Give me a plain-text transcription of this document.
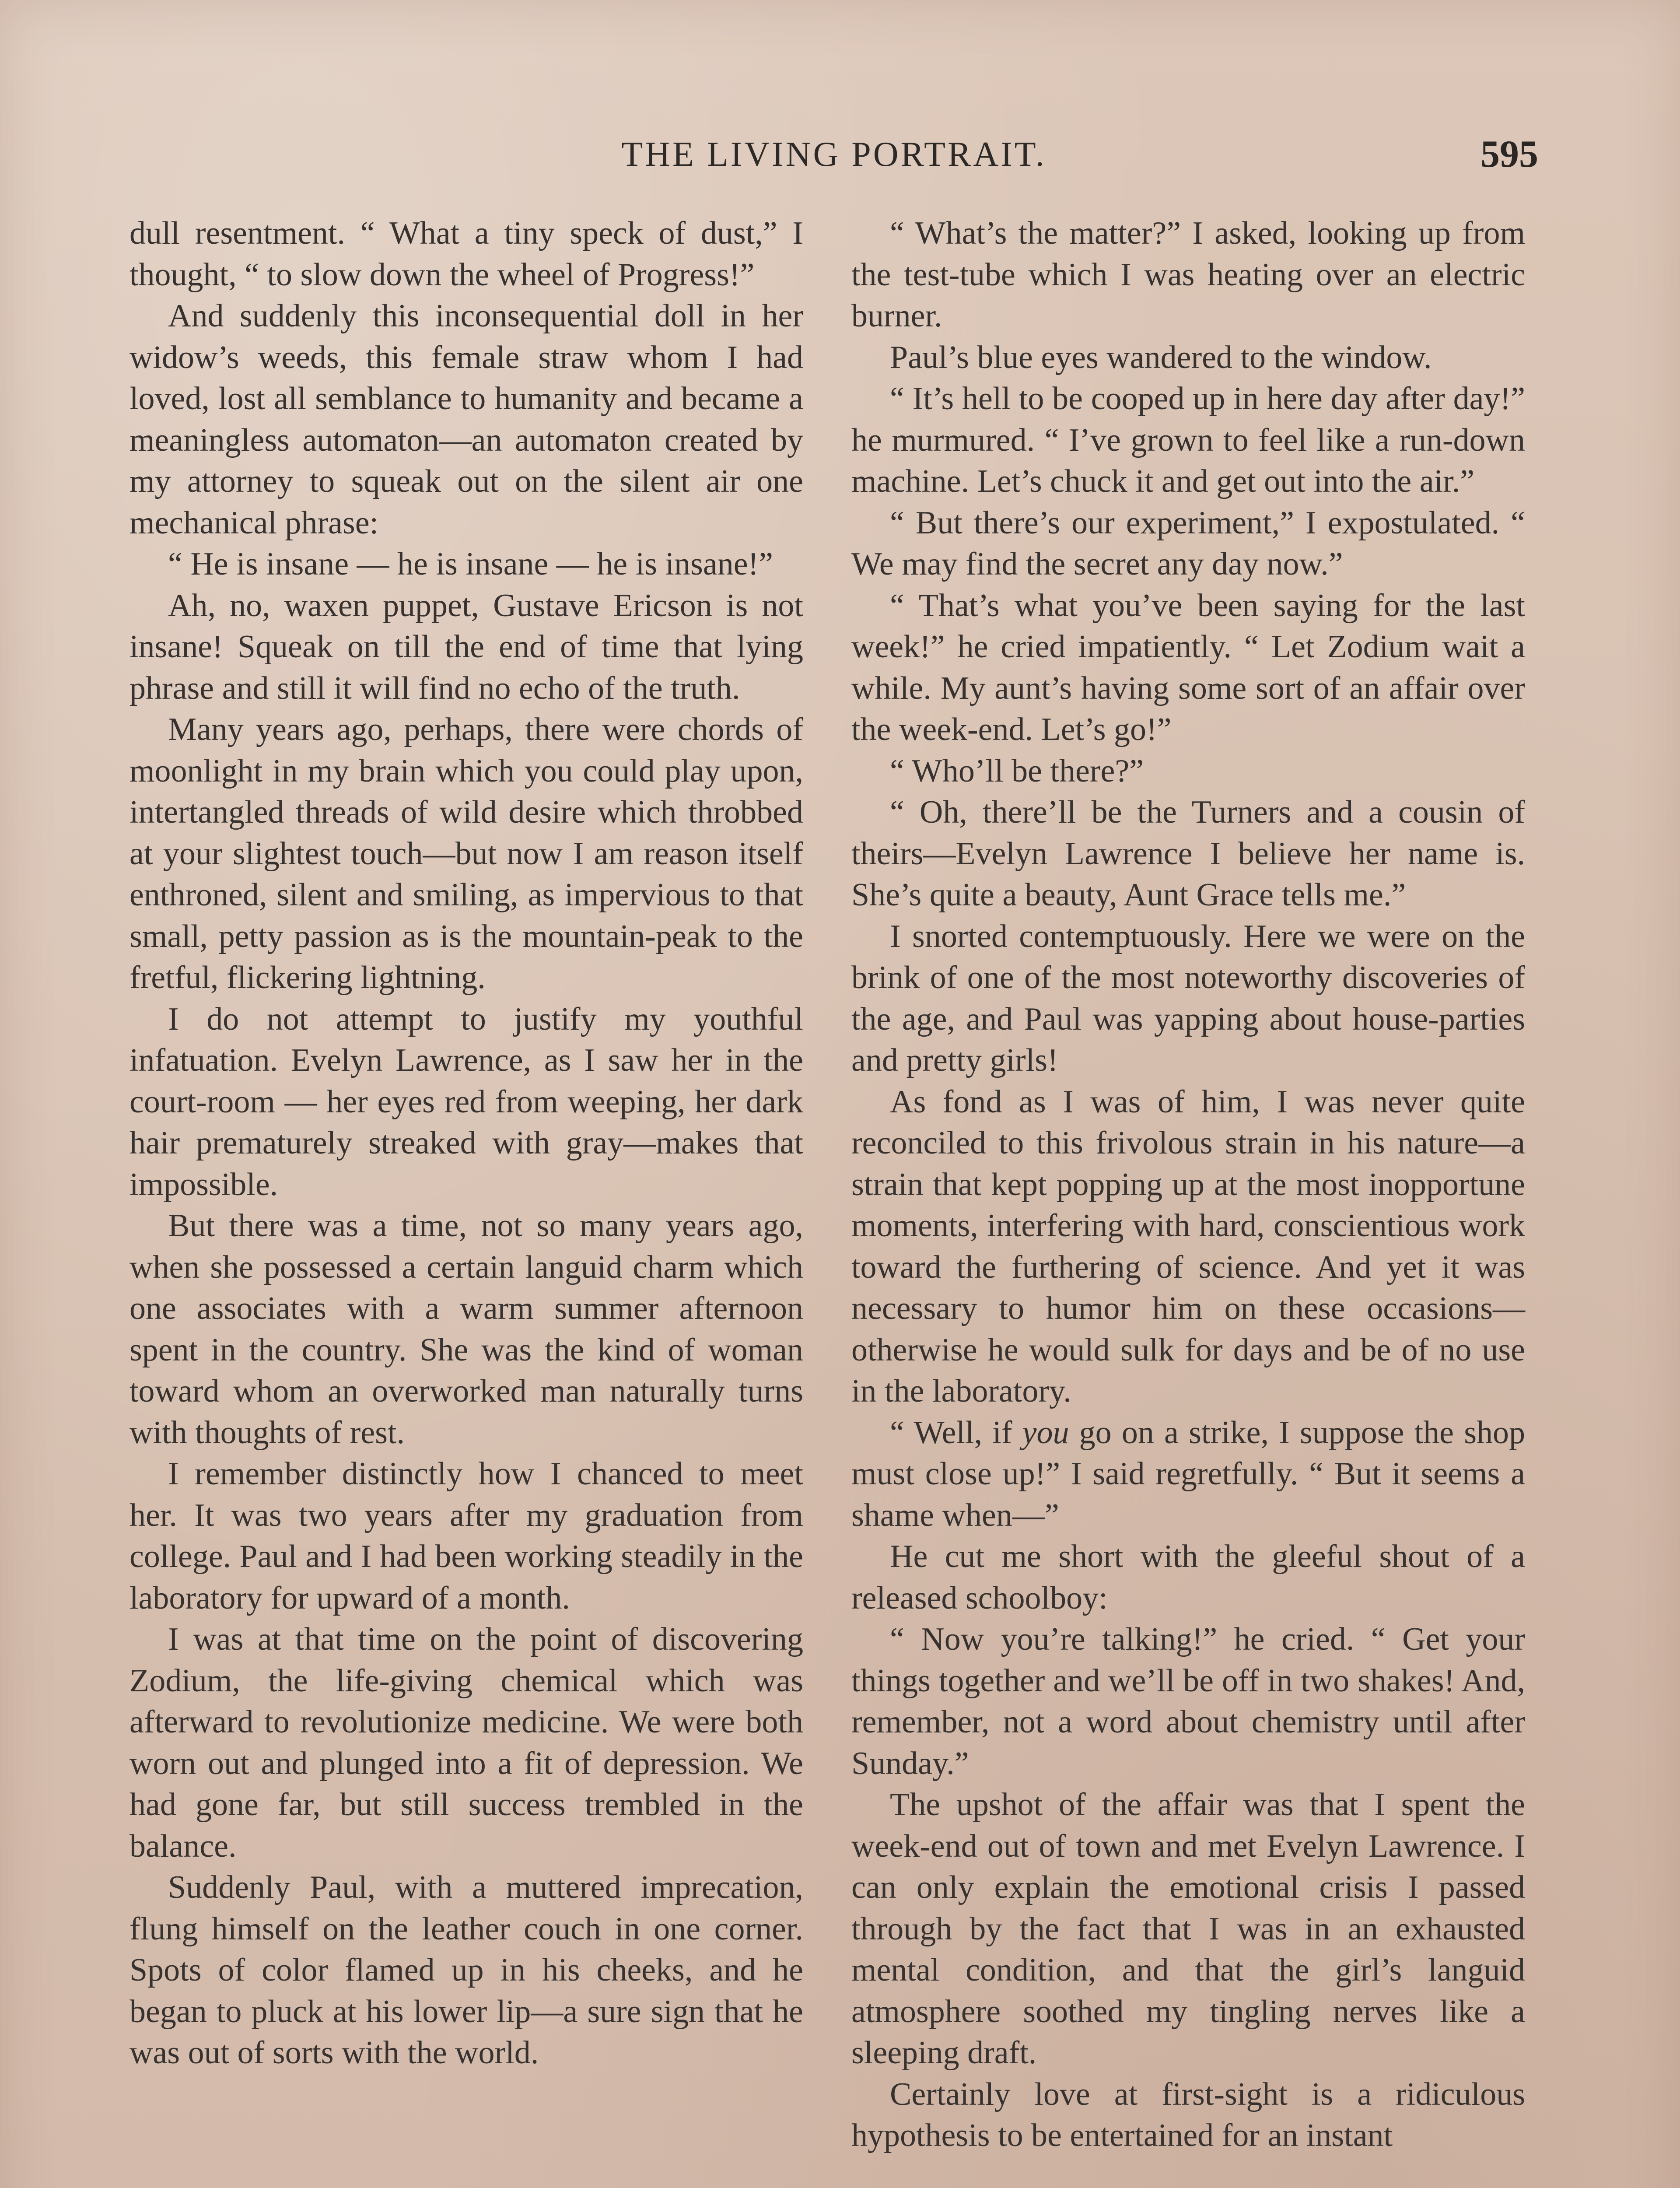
THE LIVING PORTRAIT.	595

dull resentment. “ What a tiny speck of dust,” I thought, “ to slow down the wheel of Progress!”

And suddenly this inconsequential doll in her widow’s weeds, this female straw whom I had loved, lost all semblance to humanity and became a meaningless automaton—an automaton created by my attorney to squeak out on the silent air one mechanical phrase:

“ He is insane — he is insane — he is insane!”

Ah, no, waxen puppet, Gustave Ericson is not insane! Squeak on till the end of time that lying phrase and still it will find no echo of the truth.

Many years ago, perhaps, there were chords of moonlight in my brain which you could play upon, intertangled threads of wild desire which throbbed at your slightest touch—but now I am reason itself enthroned, silent and smiling, as impervious to that small, petty passion as is the mountain-peak to the fretful, flickering lightning.

I do not attempt to justify my youthful infatuation. Evelyn Lawrence, as I saw her in the court-room — her eyes red from weeping, her dark hair prematurely streaked with gray—makes that impossible.

But there was a time, not so many years ago, when she possessed a certain languid charm which one associates with a warm summer afternoon spent in the country. She was the kind of woman toward whom an overworked man naturally turns with thoughts of rest.

I remember distinctly how I chanced to meet her. It was two years after my graduation from college. Paul and I had been working steadily in the laboratory for upward of a month.

I was at that time on the point of discovering Zodium, the life-giving chemical which was afterward to revolutionize medicine. We were both worn out and plunged into a fit of depression. We had gone far, but still success trembled in the balance.

Suddenly Paul, with a muttered imprecation, flung himself on the leather couch in one corner. Spots of color flamed up in his cheeks, and he began to pluck at his lower lip—a sure sign that he was out of sorts with the world.

“ What’s the matter?” I asked, looking up from the test-tube which I was heating over an electric burner.

Paul’s blue eyes wandered to the window.

“ It’s hell to be cooped up in here day after day!” he murmured. “ I’ve grown to feel like a run-down machine. Let’s chuck it and get out into the air.”

“ But there’s our experiment,” I expostulated. “ We may find the secret any day now.”

“ That’s what you’ve been saying for the last week!” he cried impatiently. “ Let Zodium wait a while. My aunt’s having some sort of an affair over the week-end. Let’s go!”

“ Who’ll be there?”

“ Oh, there’ll be the Turners and a cousin of theirs—Evelyn Lawrence I believe her name is. She’s quite a beauty, Aunt Grace tells me.”

I snorted contemptuously. Here we were on the brink of one of the most noteworthy discoveries of the age, and Paul was yapping about house-parties and pretty girls!

As fond as I was of him, I was never quite reconciled to this frivolous strain in his nature—a strain that kept popping up at the most inopportune moments, interfering with hard, conscientious work toward the furthering of science. And yet it was necessary to humor him on these occasions—otherwise he would sulk for days and be of no use in the laboratory.

“ Well, if you go on a strike, I suppose the shop must close up!” I said regretfully. “ But it seems a shame when—”

He cut me short with the gleeful shout of a released schoolboy:

“ Now you’re talking!” he cried. “ Get your things together and we’ll be off in two shakes! And, remember, not a word about chemistry until after Sunday.”

The upshot of the affair was that I spent the week-end out of town and met Evelyn Lawrence. I can only explain the emotional crisis I passed through by the fact that I was in an exhausted mental condition, and that the girl’s languid atmosphere soothed my tingling nerves like a sleeping draft.

Certainly love at first-sight is a ridiculous hypothesis to be entertained for an instant
